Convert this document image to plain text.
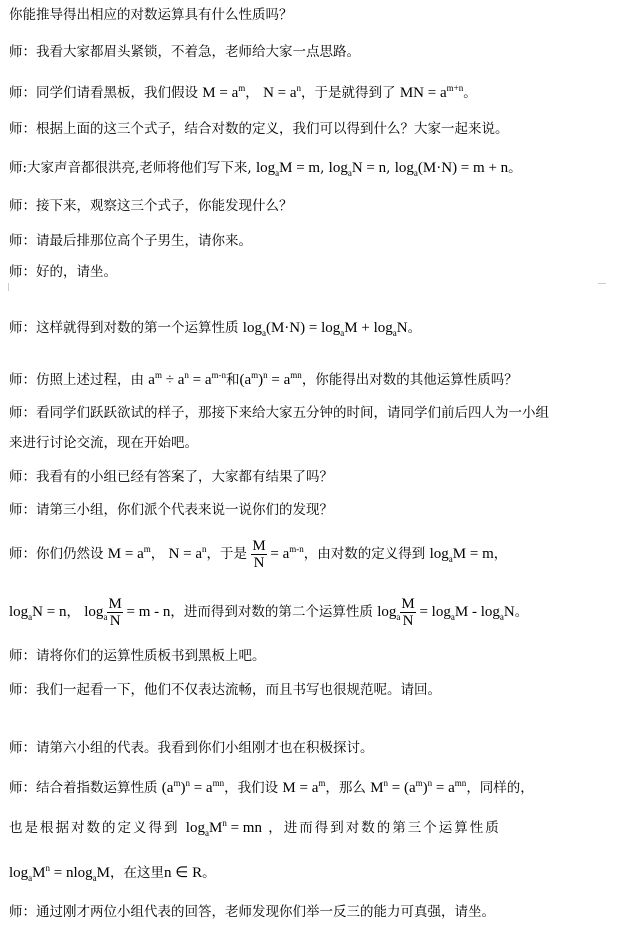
你能推导得出相应的对数运算具有什么性质吗？
师：我看大家都眉头紧锁，不着急，老师给大家一点思路。
师：同学们请看黑板，我们假设 $M = a^m$， $N = a^n$，于是就得到了 MN = $a^{m+n}$。
师：根据上面的这三个式子，结合对数的定义，我们可以得到什么？大家一起来说。
师:大家声音都很洪亮,老师将他们写下来, $\log_aM = m$, $\log_aN = n$, $\log_a(M\cdot N) = m + n$。
师：接下来，观察这三个式子，你能发现什么？
师：请最后排那位高个子男生，请你来。
师：好的，请坐。
师：这样就得到对数的第一个运算性质 $\log_a(M\cdot N) = \log_aM + \log_aN$。
师：仿照上述过程，由 $a^m \div a^n = a^{m-n}$和$(a^m)^n = a^{mn}$，你能得出对数的其他运算性质吗？
师：看同学们跃跃欲试的样子，那接下来给大家五分钟的时间，请同学们前后四人为一小组
来进行讨论交流，现在开始吧。
师：我看有的小组已经有答案了，大家都有结果了吗？
师：请第三小组，你们派个代表来说一说你们的发现？
师：你们仍然设 $M = a^m$， $N = a^n$，于是 $\frac{M}{N} = a^{m-n}$，由对数的定义得到 $\log_aM = m$，
$\log_aN = n$， $\log_a \frac{M}{N} = m - n$，进而得到对数的第二个运算性质 $\log_a \frac{M}{N} = \log_aM - \log_aN$。
师：请将你们的运算性质板书到黑板上吧。
师：我们一起看一下，他们不仅表达流畅，而且书写也很规范呢。请回。
师：请第六小组的代表。我看到你们小组刚才也在积极探讨。
师：结合着指数运算性质 $(a^m)^n = a^{mn}$，我们设 $M = a^m$，那么 $M^n = (a^m)^n = a^{mn}$，同样的，
也是根据对数的定义得到 $\log_aM^n$ = mn ，进而得到对数的第三个运算性质
$\log_aM^n = nlog_aM$，在这里n ∈ R。
师：通过刚才两位小组代表的回答，老师发现你们举一反三的能力可真强，请坐。
